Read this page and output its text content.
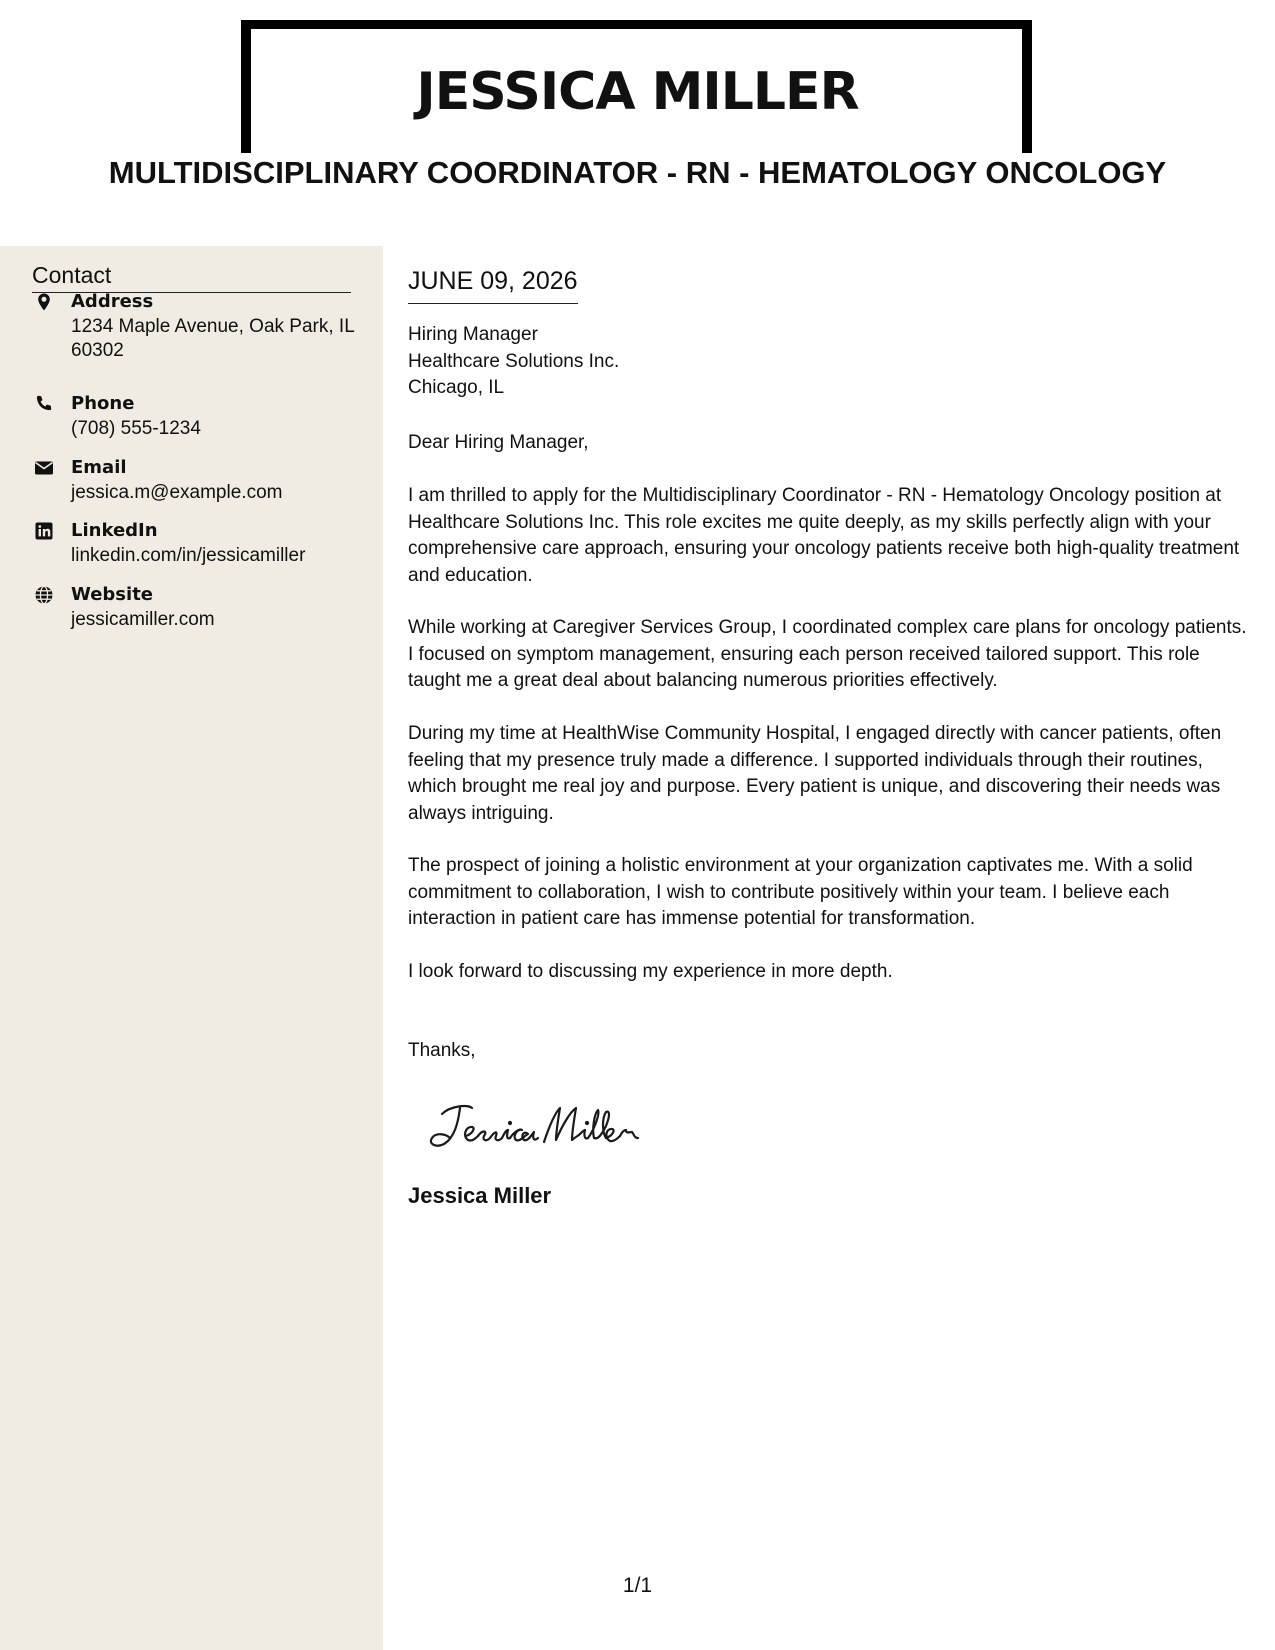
JESSICA MILLER
MULTIDISCIPLINARY COORDINATOR - RN - HEMATOLOGY ONCOLOGY
Contact
Address
1234 Maple Avenue, Oak Park, IL 60302
Phone
(708) 555-1234
Email
jessica.m@example.com
LinkedIn
linkedin.com/in/jessicamiller
Website
jessicamiller.com
JUNE 09, 2026
Hiring Manager
Healthcare Solutions Inc.
Chicago, IL
Dear Hiring Manager,

I am thrilled to apply for the Multidisciplinary Coordinator - RN - Hematology Oncology position at Healthcare Solutions Inc. This role excites me quite deeply, as my skills perfectly align with your comprehensive care approach, ensuring your oncology patients receive both high-quality treatment and education.

While working at Caregiver Services Group, I coordinated complex care plans for oncology patients. I focused on symptom management, ensuring each person received tailored support. This role taught me a great deal about balancing numerous priorities effectively.

During my time at HealthWise Community Hospital, I engaged directly with cancer patients, often feeling that my presence truly made a difference. I supported individuals through their routines, which brought me real joy and purpose. Every patient is unique, and discovering their needs was always intriguing.

The prospect of joining a holistic environment at your organization captivates me. With a solid commitment to collaboration, I wish to contribute positively within your team. I believe each interaction in patient care has immense potential for transformation.

I look forward to discussing my experience in more depth.

Thanks,
Jessica Miller
1/1
